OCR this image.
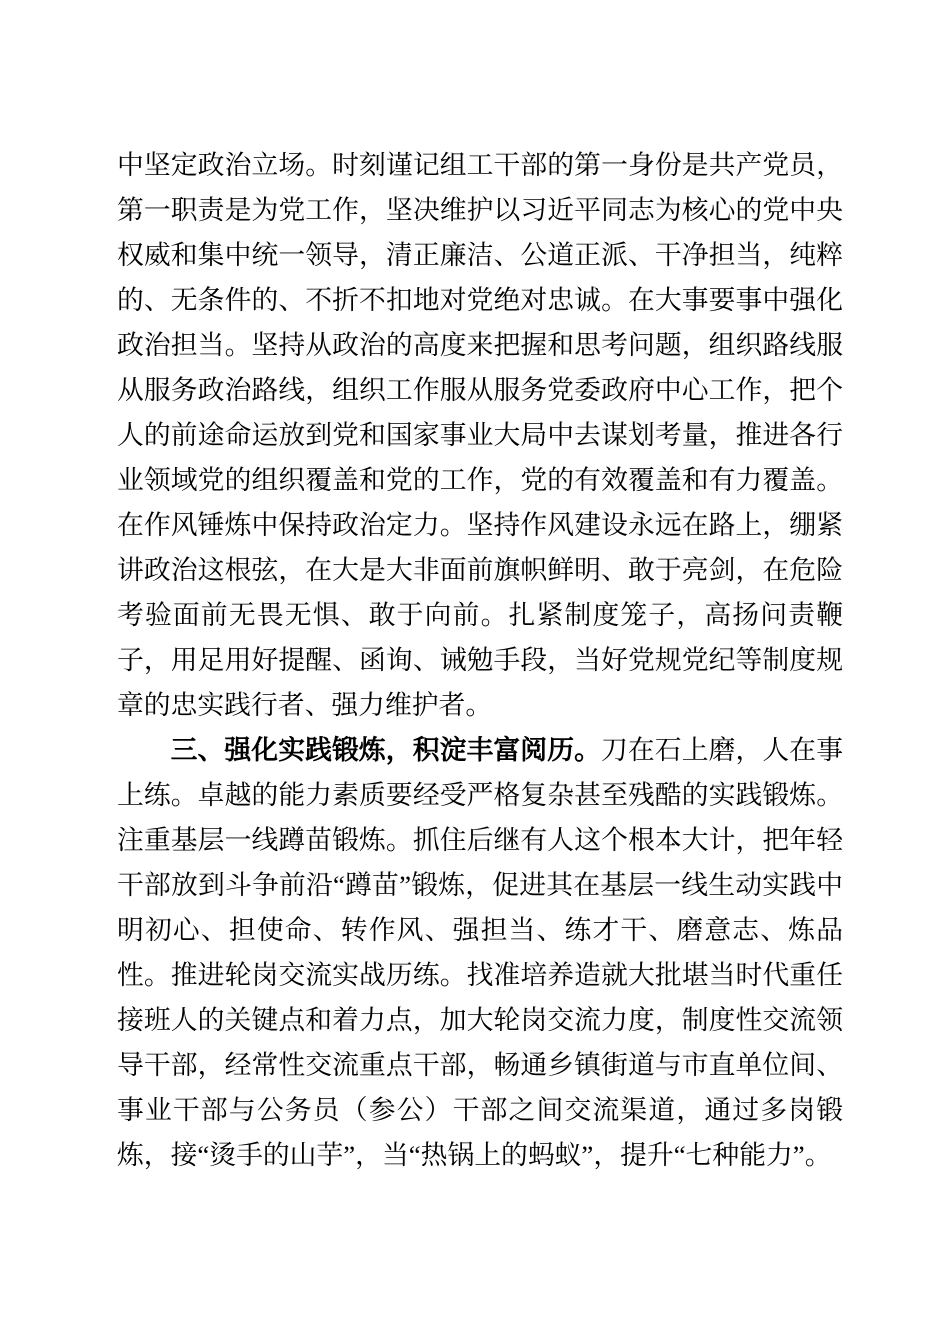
中坚定政治立场。时刻谨记组工干部的第一身份是共产党员，第一职责是为党工作，坚决维护以习近平同志为核心的党中央权威和集中统一领导，清正廉洁、公道正派、干净担当，纯粹的、无条件的、不折不扣地对党绝对忠诚。在大事要事中强化政治担当。坚持从政治的高度来把握和思考问题，组织路线服从服务政治路线，组织工作服从服务党委政府中心工作，把个人的前途命运放到党和国家事业大局中去谋划考量，推进各行业领域党的组织覆盖和党的工作，党的有效覆盖和有力覆盖。在作风锤炼中保持政治定力。坚持作风建设永远在路上，绷紧讲政治这根弦，在大是大非面前旗帜鲜明、敢于亮剑，在危险考验面前无畏无惧、敢于向前。扎紧制度笼子，高扬问责鞭子，用足用好提醒、函询、诫勉手段，当好党规党纪等制度规章的忠实践行者、强力维护者。

三、强化实践锻炼，积淀丰富阅历。刀在石上磨，人在事上练。卓越的能力素质要经受严格复杂甚至残酷的实践锻炼。注重基层一线蹲苗锻炼。抓住后继有人这个根本大计，把年轻干部放到斗争前沿“蹲苗”锻炼，促进其在基层一线生动实践中明初心、担使命、转作风、强担当、练才干、磨意志、炼品性。推进轮岗交流实战历练。找准培养造就大批堪当时代重任接班人的关键点和着力点，加大轮岗交流力度，制度性交流领导干部，经常性交流重点干部，畅通乡镇街道与市直单位间、事业干部与公务员（参公）干部之间交流渠道，通过多岗锻炼，接“烫手的山芋”，当“热锅上的蚂蚁”，提升“七种能力”。
